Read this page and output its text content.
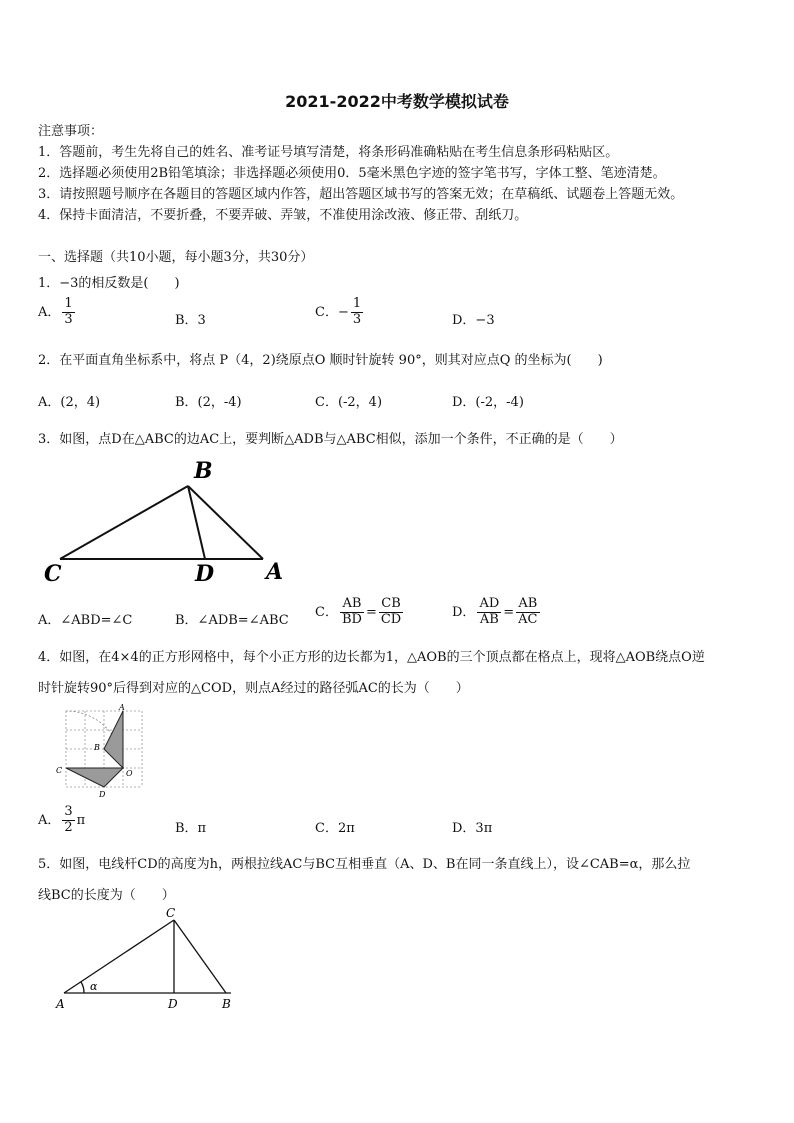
2021-2022中考数学模拟试卷
注意事项：
1．答题前，考生先将自己的姓名、准考证号填写清楚，将条形码准确粘贴在考生信息条形码粘贴区。
2．选择题必须使用2B铅笔填涂；非选择题必须使用0．5毫米黑色字迹的签字笔书写，字体工整、笔迹清楚。
3．请按照题号顺序在各题目的答题区域内作答，超出答题区域书写的答案无效；在草稿纸、试题卷上答题无效。
4．保持卡面清洁，不要折叠，不要弄破、弄皱，不准使用涂改液、修正带、刮纸刀。
一、选择题（共10小题，每小题3分，共30分）
1．−3的相反数是(　　)
A． $\frac{1}{3}$	B．3
C．− $\frac{1}{3}$	D．−3
2．在平面直角坐标系中，将点 P（4，2)绕原点O 顺时针旋转 90°，则其对应点Q 的坐标为(　　)
A．(2，4)	B．(2，-4)	C．(-2，4)	D．(-2，-4)
3．如图，点D在△ABC的边AC上，要判断△ADB与△ABC相似，添加一个条件，不正确的是（　　）
B
C	D A
A．∠ABD=∠C	B．∠ADB=∠ABC
C． $\frac{AB}{BD} = \frac{CB}{CD}$	D． $\frac{AD}{AB} = \frac{AB}{AC}$
4．如图，在4×4的正方形网格中，每个小正方形的边长都为1，△AOB的三个顶点都在格点上，现将△AOB绕点O逆
时针旋转90°后得到对应的△COD，则点A经过的路径弧AC的长为（　　）
A
B
C	O
D
A． $\frac{3}{2}$ π
B．π	C．2π	D．3π
5．如图，电线杆CD的高度为h，两根拉线AC与BC互相垂直（A、D、B在同一条直线上），设∠CAB=α，那么拉
线BC的长度为（　　）
C
A	D	B
α
